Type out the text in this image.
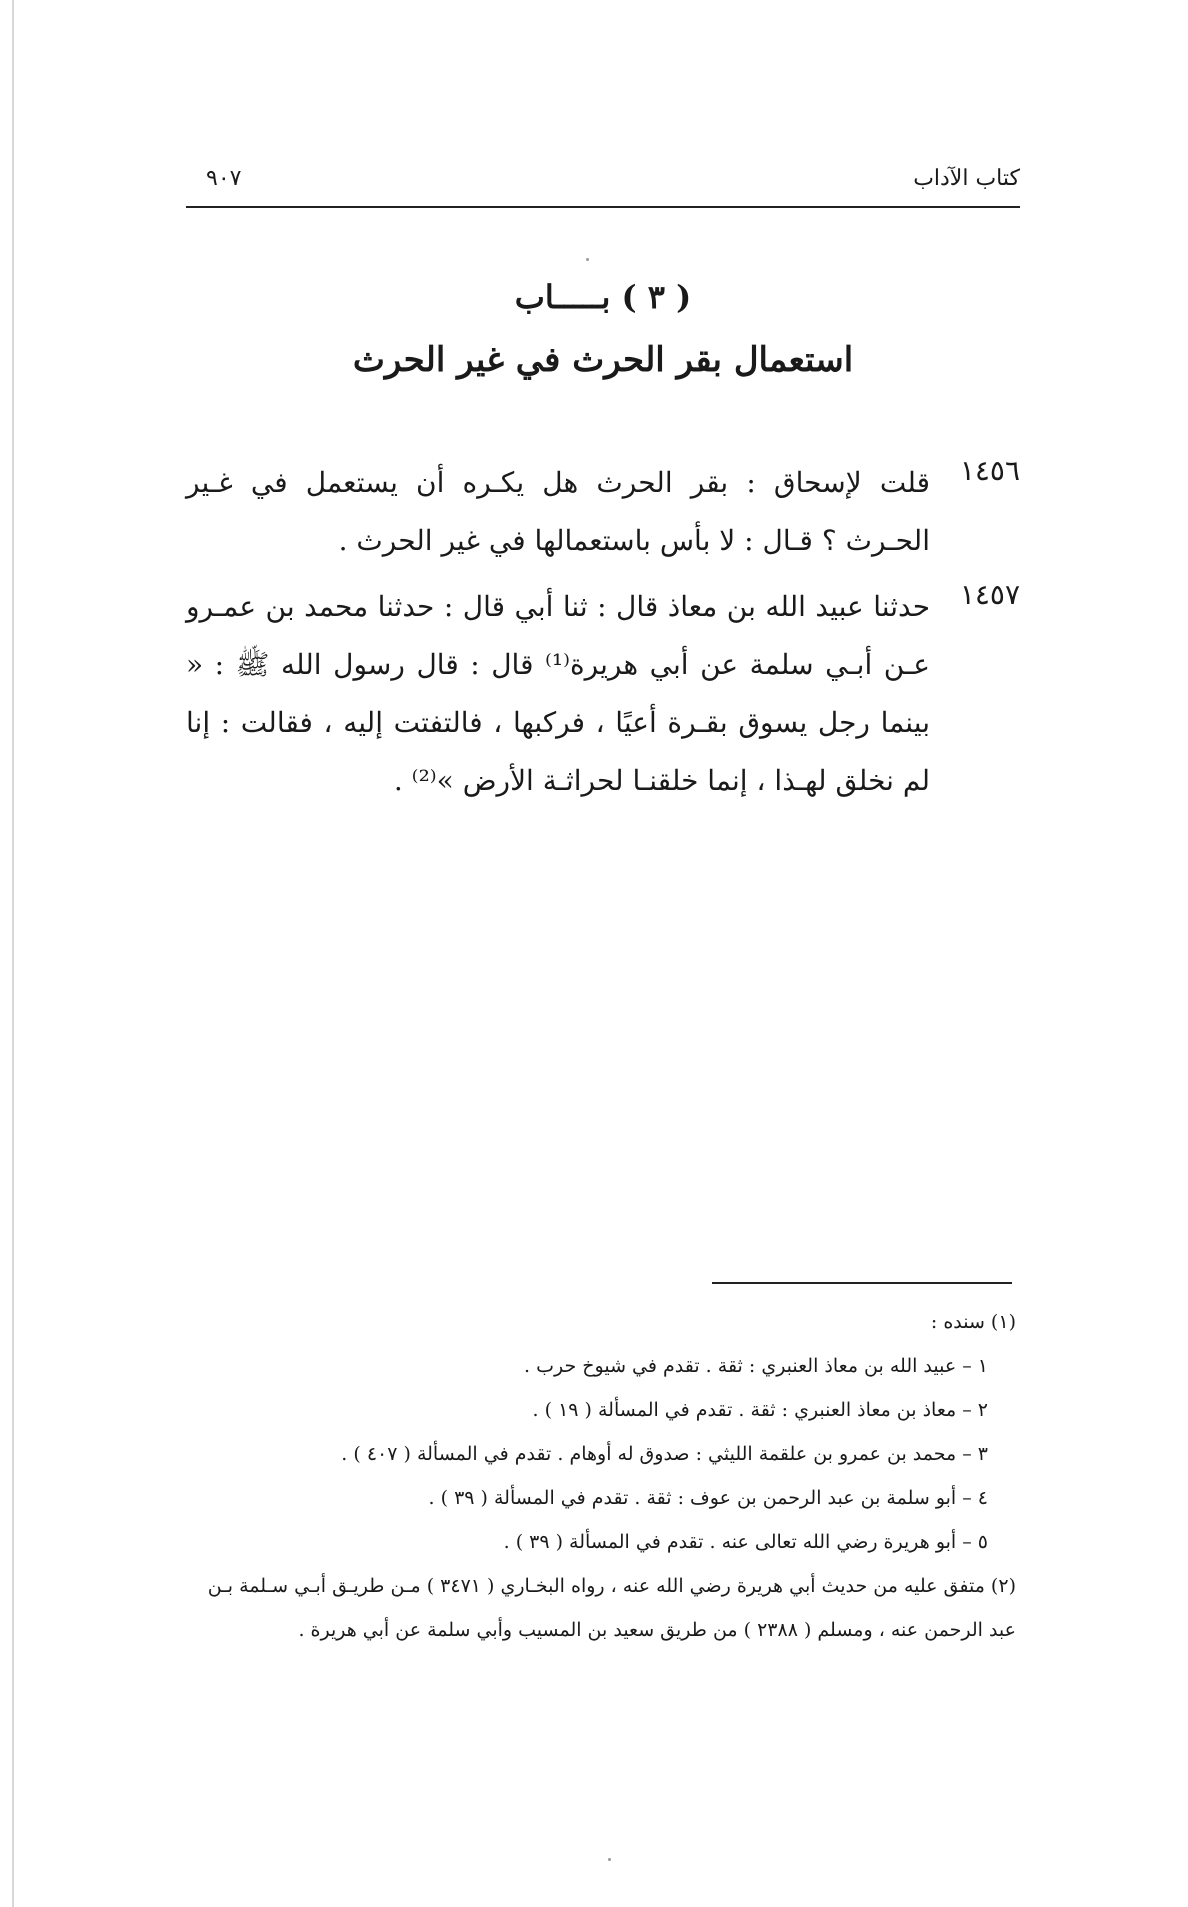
كتاب الآداب
٩٠٧
( ٣ ) بـــــاب
استعمال بقر الحرث في غير الحرث
١٤٥٦
قلت لإسحاق : بقر الحرث هل يكـره أن يستعمل في غـير الحـرث ؟ قـال : لا بأس باستعمالها في غير الحرث .
١٤٥٧
حدثنا عبيد الله بن معاذ قال : ثنا أبي قال : حدثنا محمد بن عمـرو عـن أبـي سلمة عن أبي هريرة⁽¹⁾ قال : قال رسول الله ﷺ : « بينما رجل يسوق بقـرة أعيًا ، فركبها ، فالتفتت إليه ، فقالت : إنا لم نخلق لهـذا ، إنما خلقنـا لحراثـة الأرض »⁽²⁾ .
(١) سنده :
١ – عبيد الله بن معاذ العنبري : ثقة . تقدم في شيوخ حرب .
٢ – معاذ بن معاذ العنبري : ثقة . تقدم في المسألة ( ١٩ ) .
٣ – محمد بن عمرو بن علقمة الليثي : صدوق له أوهام . تقدم في المسألة ( ٤٠٧ ) .
٤ – أبو سلمة بن عبد الرحمن بن عوف : ثقة . تقدم في المسألة ( ٣٩ ) .
٥ – أبو هريرة رضي الله تعالى عنه . تقدم في المسألة ( ٣٩ ) .
(٢) متفق عليه من حديث أبي هريرة رضي الله عنه ، رواه البخـاري ( ٣٤٧١ ) مـن طريـق أبـي سـلمة بـن
عبد الرحمن عنه ، ومسلم ( ٢٣٨٨ ) من طريق سعيد بن المسيب وأبي سلمة عن أبي هريرة .
